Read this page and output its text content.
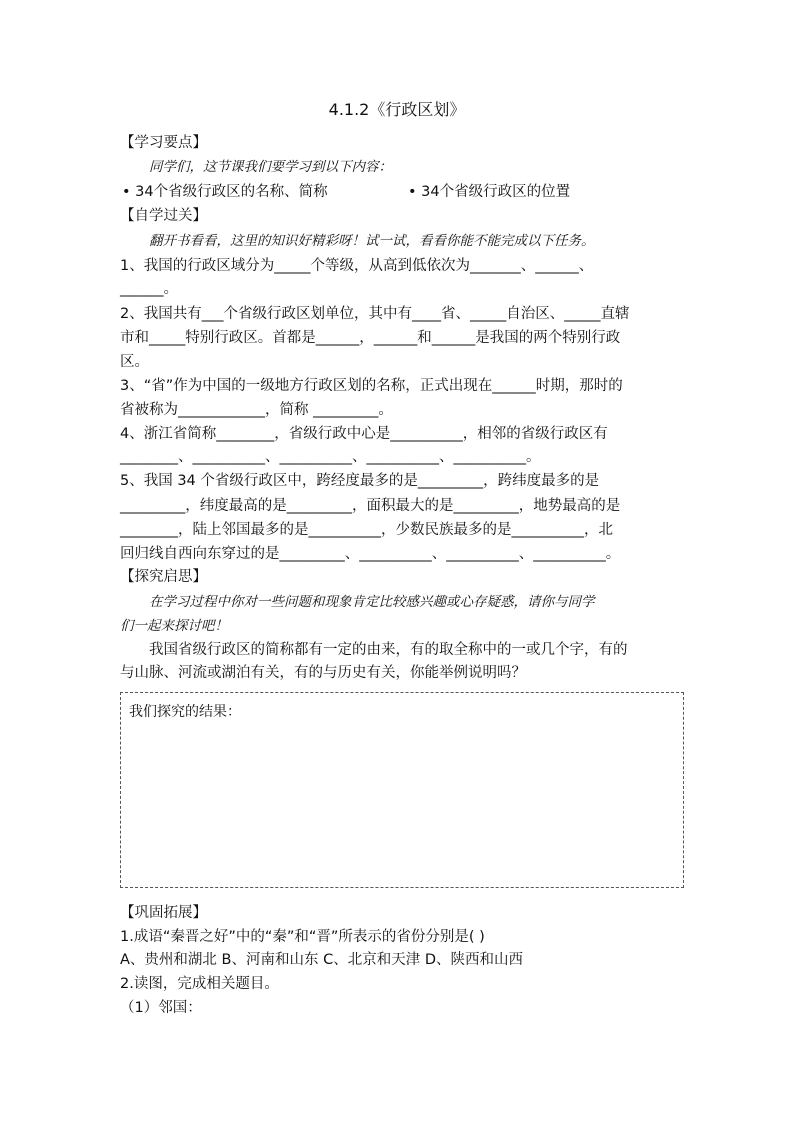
4.1.2《行政区划》
【学习要点】
同学们，这节课我们要学习到以下内容：
• 34个省级行政区的名称、简称	• 34个省级行政区的位置
【自学过关】
翻开书看看，这里的知识好精彩呀！试一试，看看你能不能完成以下任务。
1、我国的行政区域分为_____个等级，从高到低依次为_______、______、
______。
2、我国共有___个省级行政区划单位，其中有____省、_____自治区、_____直辖
市和_____特别行政区。首都是______，______和______是我国的两个特别行政
区。
3、“省”作为中国的一级地方行政区划的名称，正式出现在______时期，那时的
省被称为____________，简称 _________。
4、浙江省简称________，省级行政中心是__________，相邻的省级行政区有
________、__________、__________、__________、__________。
5、我国 34 个省级行政区中，跨经度最多的是_________，跨纬度最多的是
_________，纬度最高的是_________，面积最大的是_________，地势最高的是
________，陆上邻国最多的是__________，少数民族最多的是__________，北
回归线自西向东穿过的是_________、__________、__________、__________。
【探究启思】
在学习过程中你对一些问题和现象肯定比较感兴趣或心存疑惑，请你与同学
们一起来探讨吧！
我国省级行政区的简称都有一定的由来，有的取全称中的一或几个字，有的
与山脉、河流或湖泊有关，有的与历史有关，你能举例说明吗？
我们探究的结果：
【巩固拓展】
1.成语“秦晋之好”中的“秦”和“晋”所表示的省份分别是( )
A、贵州和湖北 B、河南和山东 C、北京和天津 D、陕西和山西
2.读图，完成相关题目。
（1）邻国：
